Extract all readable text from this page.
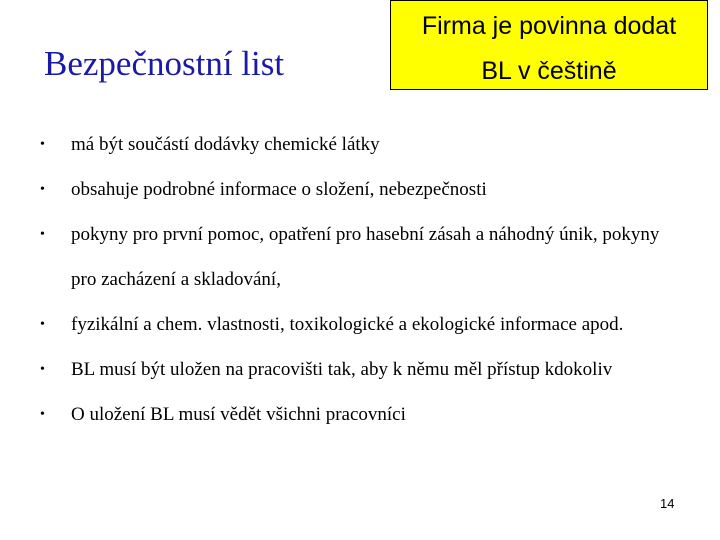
Bezpečnostní list
Firma je povinna dodat
BL v češtině
• má být součástí dodávky chemické látky
• obsahuje podrobné informace o složení, nebezpečnosti
• pokyny pro první pomoc, opatření pro hasební zásah a náhodný únik, pokyny pro zacházení a skladování,
• fyzikální a chem. vlastnosti, toxikologické a ekologické informace apod.
• BL musí být uložen na pracovišti tak, aby k němu měl přístup kdokoliv
• O uložení BL musí vědět všichni pracovníci
14
